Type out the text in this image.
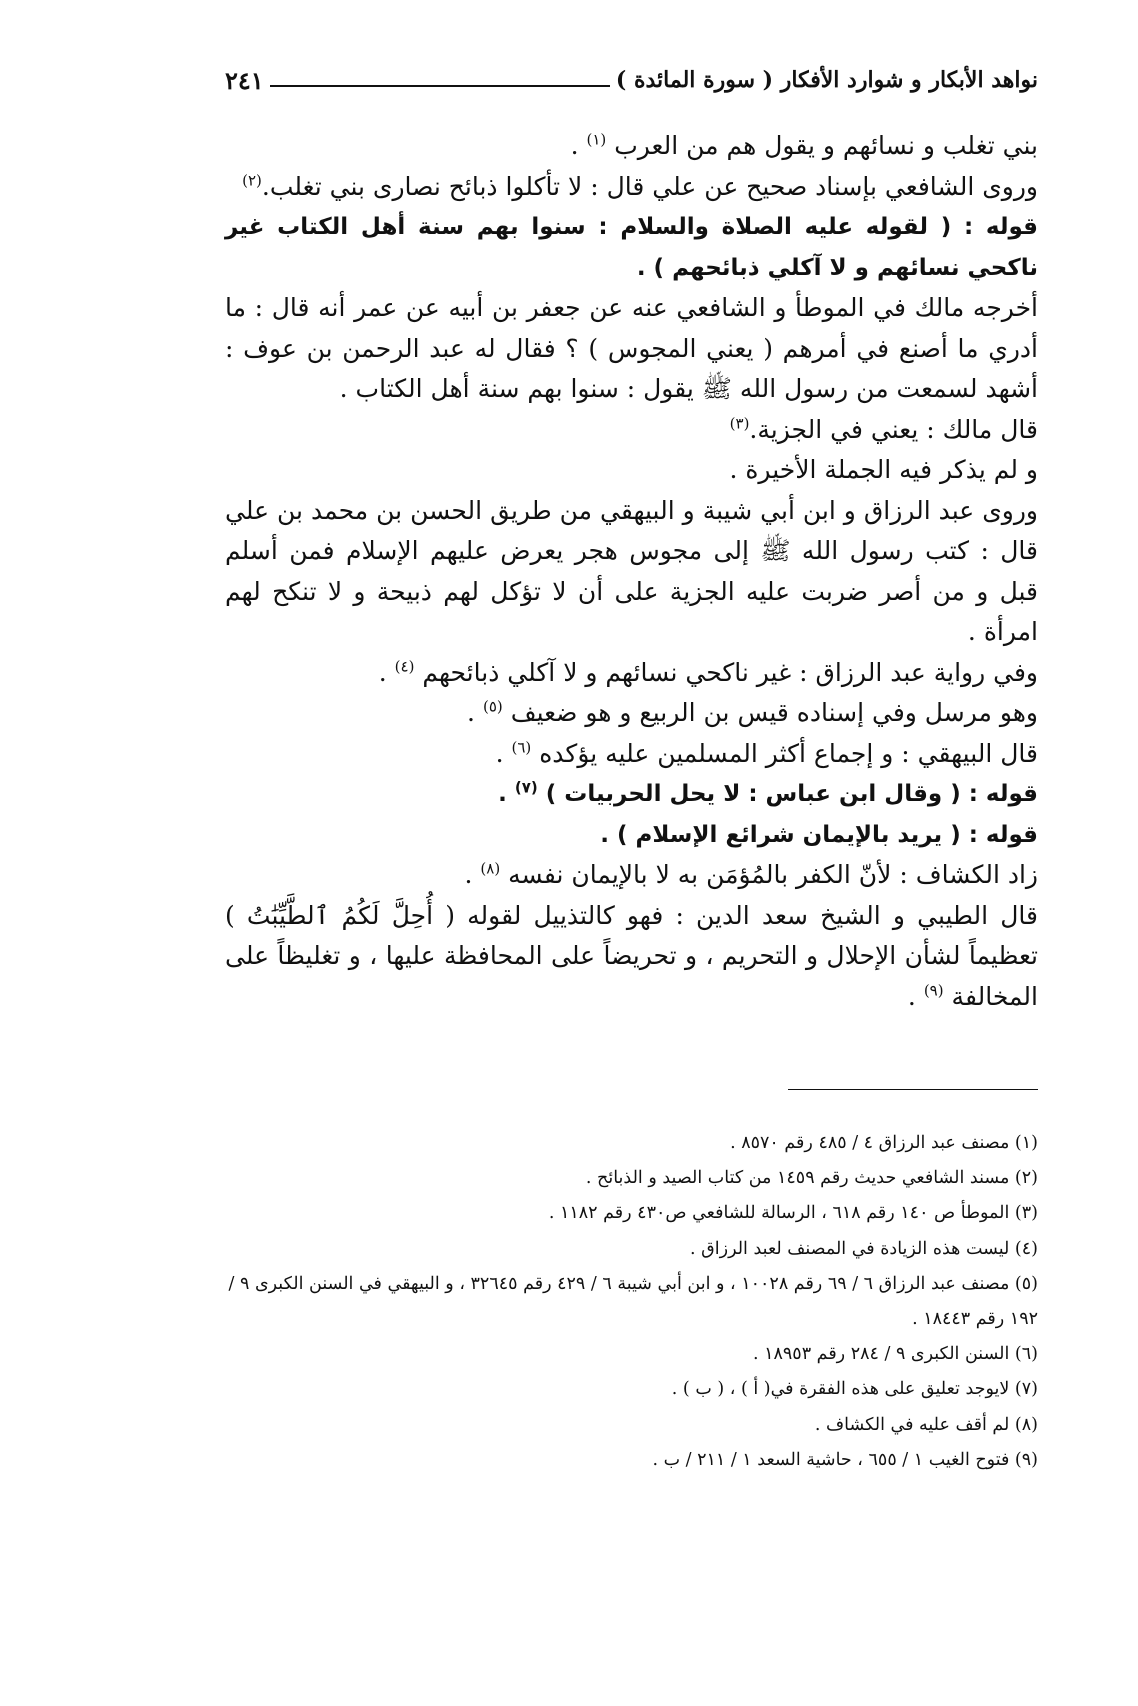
نواهد الأبكار و شوارد الأفكار ( سورة المائدة )
٢٤١

بني تغلب و نسائهم و يقول هم من العرب $^{(١)}$ .

وروى الشافعي بإسناد صحيح عن علي قال : لا تأكلوا ذبائح نصارى بني تغلب.$^{(٢)}$

قوله : ( لقوله عليه الصلاة والسلام : سنوا بهم سنة أهل الكتاب غير ناكحي نسائهم و لا آكلي ذبائحهم ) .

أخرجه مالك في الموطأ و الشافعي عنه عن جعفر بن أبيه عن عمر أنه قال : ما أدري ما أصنع في أمرهم ( يعني المجوس ) ؟ فقال له عبد الرحمن بن عوف : أشهد لسمعت من رسول الله ﷺ يقول : سنوا بهم سنة أهل الكتاب .

قال مالك : يعني في الجزية.$^{(٣)}$

و لم يذكر فيه الجملة الأخيرة .

وروى عبد الرزاق و ابن أبي شيبة و البيهقي من طريق الحسن بن محمد بن علي قال : كتب رسول الله ﷺ إلى مجوس هجر يعرض عليهم الإسلام فمن أسلم قبل و من أصر ضربت عليه الجزية على أن لا تؤكل لهم ذبيحة و لا تنكح لهم امرأة .

وفي رواية عبد الرزاق : غير ناكحي نسائهم و لا آكلي ذبائحهم $^{(٤)}$ .

وهو مرسل وفي إسناده قيس بن الربيع و هو ضعيف $^{(٥)}$ .

قال البيهقي : و إجماع أكثر المسلمين عليه يؤكده $^{(٦)}$ .

قوله : ( وقال ابن عباس : لا يحل الحربيات ) $^{(٧)}$ .

قوله : ( يريد بالإيمان شرائع الإسلام ) .

زاد الكشاف : لأنّ الكفر بالمُؤمَن به لا بالإيمان نفسه $^{(٨)}$ .

قال الطيبي و الشيخ سعد الدين : فهو كالتذييل لقوله ( أُحِلَّ لَكُمُ ٱلطَّيِّبَٰتُ ) تعظيماً لشأن الإحلال و التحريم ، و تحريضاً على المحافظة عليها ، و تغليظاً على المخالفة $^{(٩)}$ .

(١) مصنف عبد الرزاق ٤ / ٤٨٥ رقم ٨٥٧٠ .

(٢) مسند الشافعي حديث رقم ١٤٥٩ من كتاب الصيد و الذبائح .

(٣) الموطأ ص ١٤٠ رقم ٦١٨ ، الرسالة للشافعي ص٤٣٠ رقم ١١٨٢ .

(٤) ليست هذه الزيادة في المصنف لعبد الرزاق .

(٥) مصنف عبد الرزاق ٦ / ٦٩ رقم ١٠٠٢٨ ، و ابن أبي شيبة ٦ / ٤٢٩ رقم ٣٢٦٤٥ ، و البيهقي في السنن الكبرى ٩ / ١٩٢ رقم ١٨٤٤٣ .

(٦) السنن الكبرى ٩ / ٢٨٤ رقم ١٨٩٥٣ .

(٧) لايوجد تعليق على هذه الفقرة في( أ ) ، ( ب ) .

(٨) لم أقف عليه في الكشاف .

(٩) فتوح الغيب ١ / ٦٥٥ ، حاشية السعد ١ / ٢١١ / ب .
